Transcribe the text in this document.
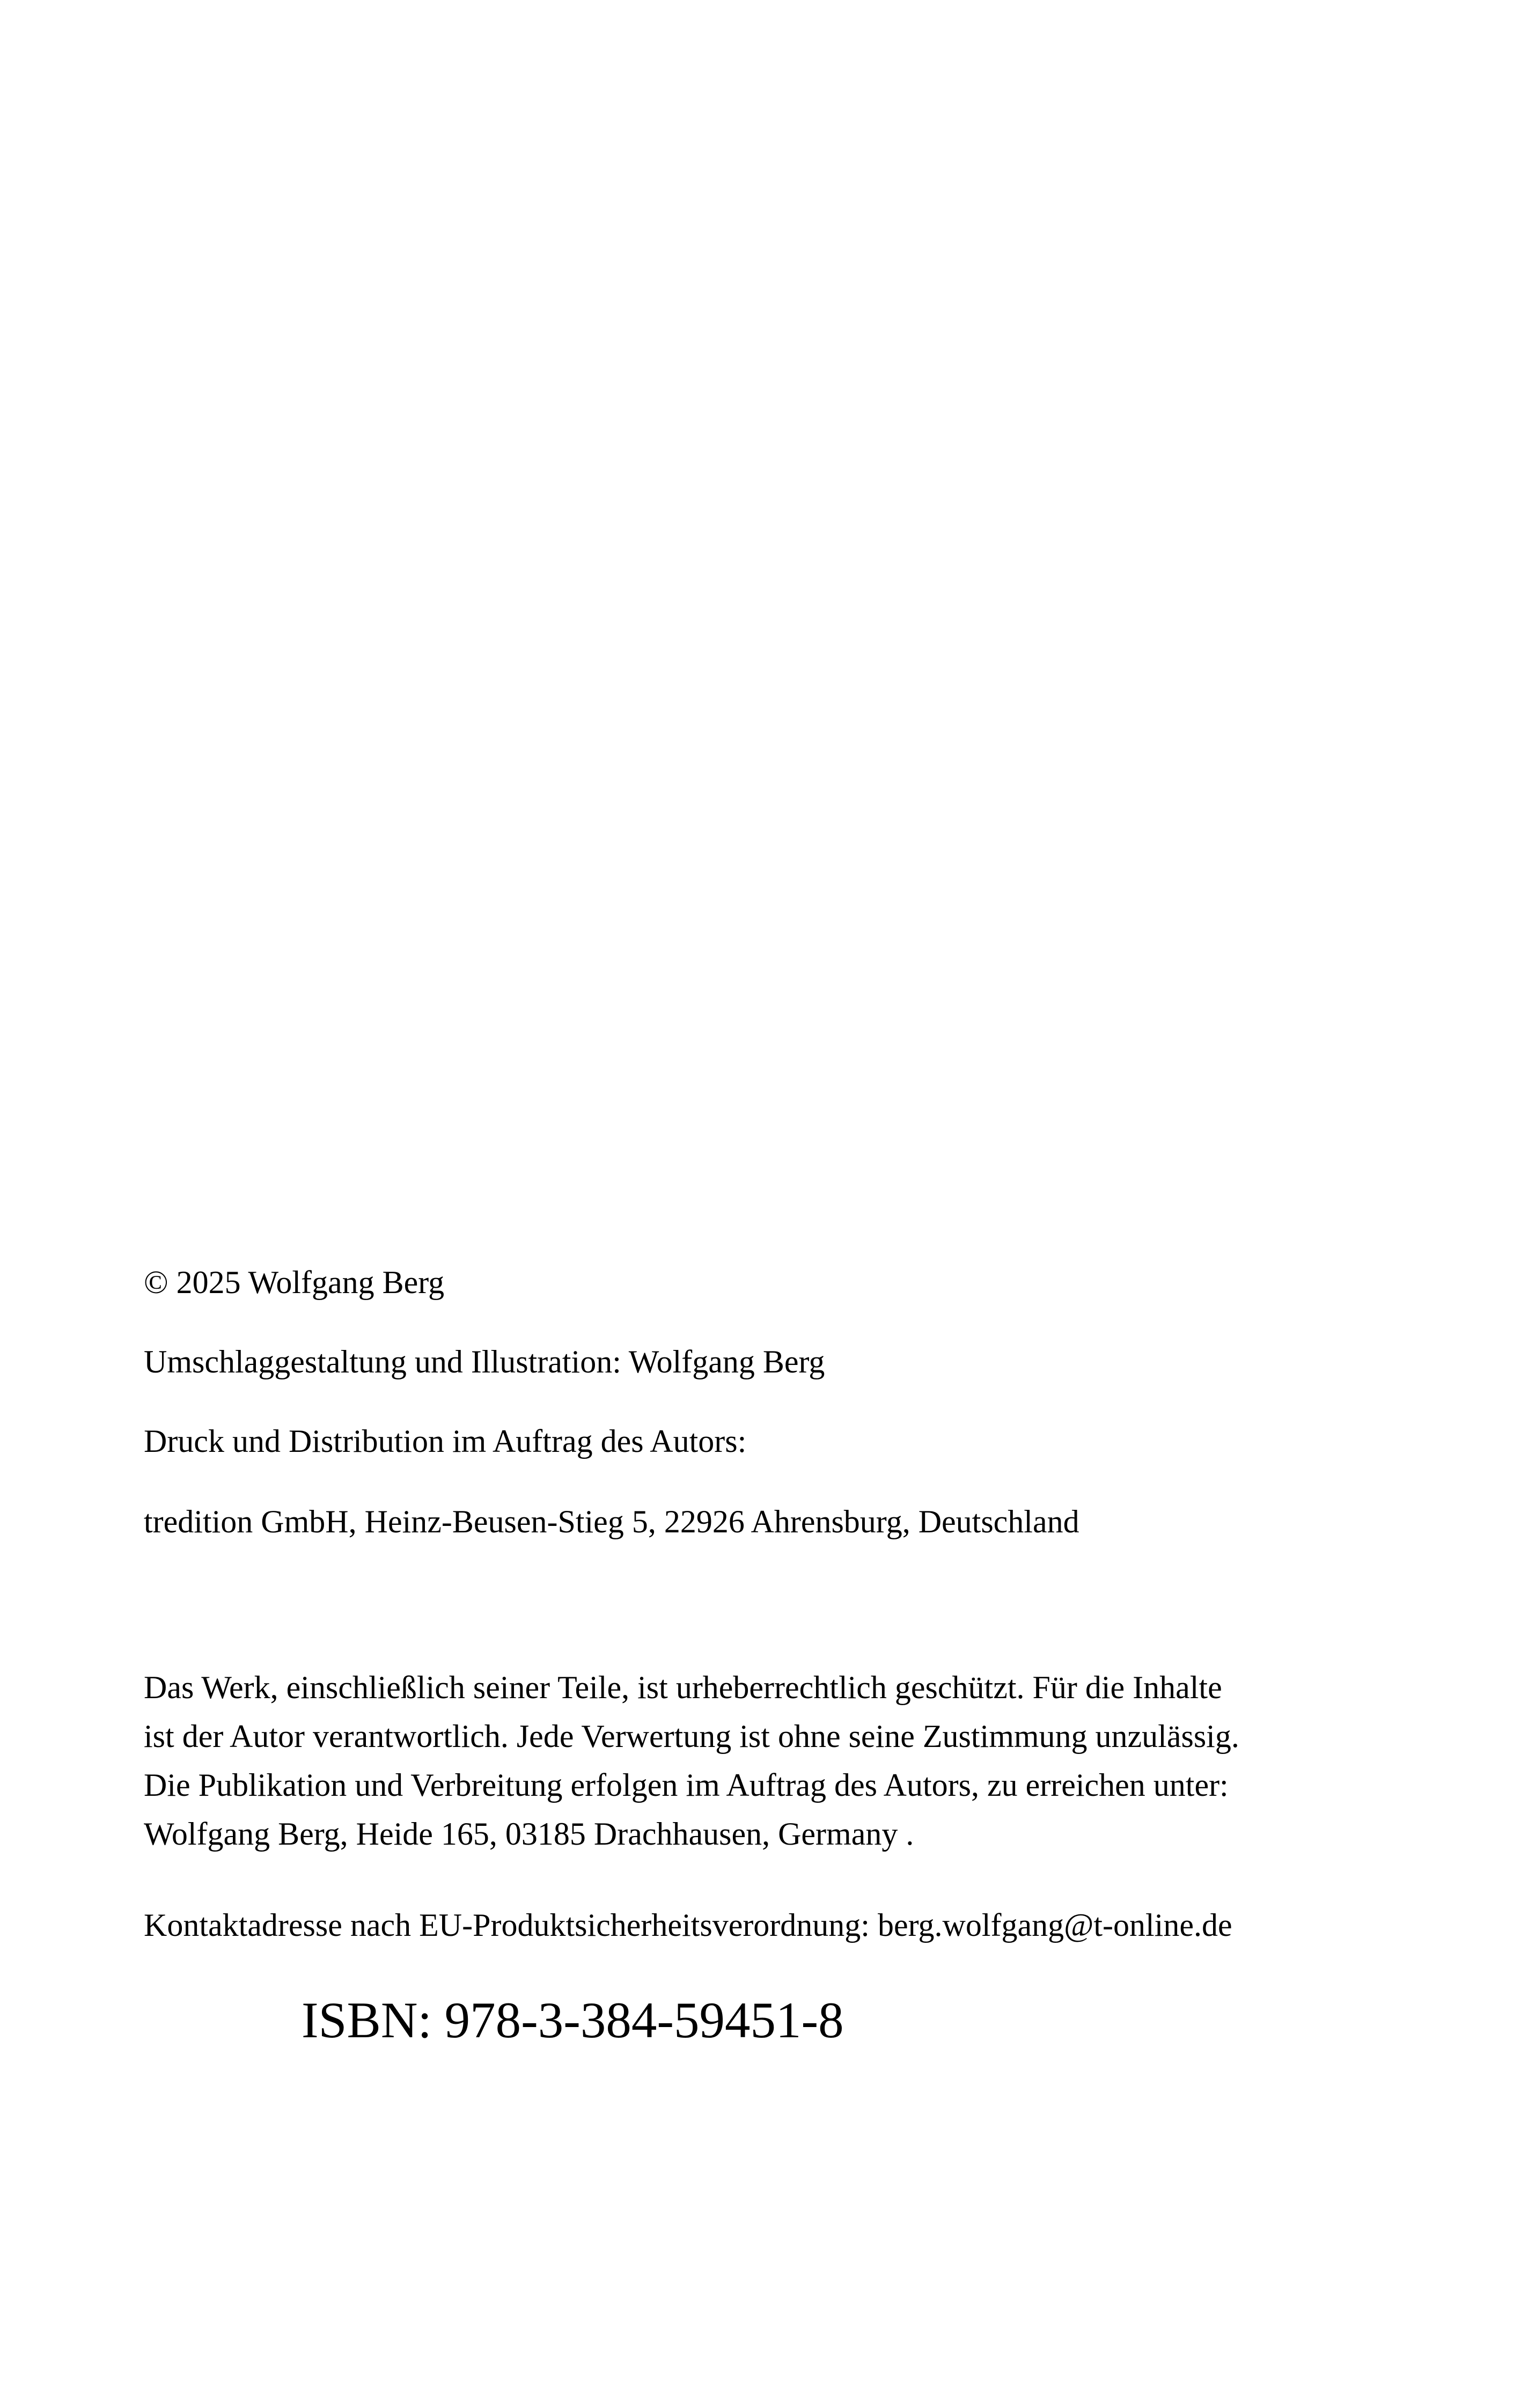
© 2025 Wolfgang Berg

Umschlaggestaltung und Illustration: Wolfgang Berg

Druck und Distribution im Auftrag des Autors:

tredition GmbH, Heinz-Beusen-Stieg 5, 22926 Ahrensburg, Deutschland

Das Werk, einschließlich seiner Teile, ist urheberrechtlich geschützt. Für die Inhalte
ist der Autor verantwortlich. Jede Verwertung ist ohne seine Zustimmung unzulässig.
Die Publikation und Verbreitung erfolgen im Auftrag des Autors, zu erreichen unter:
Wolfgang Berg, Heide 165, 03185 Drachhausen, Germany .

Kontaktadresse nach EU-Produktsicherheitsverordnung: berg.wolfgang@t-online.de

ISBN: 978-3-384-59451-8
